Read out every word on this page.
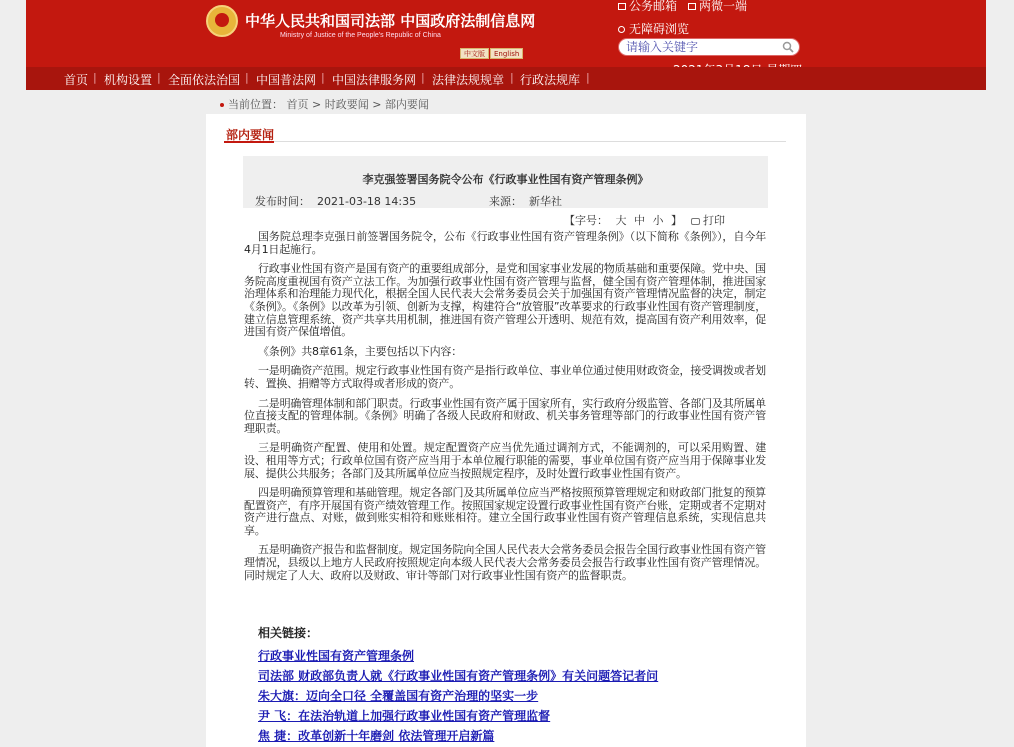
中华人民共和国司法部 中国政府法制信息网
Ministry of Justice of the People's Republic of China
中文版	English
公务邮箱	两微一端
无障碍浏览
请输入关键字
首页 | 机构设置 | 全面依法治国 | 中国普法网 | 中国法律服务网 | 法律法规规章 | 行政法规库 |
当前位置： 首页 > 时政要闻 > 部内要闻
部内要闻
李克强签署国务院令公布《行政事业性国有资产管理条例》
发布时间： 2021-03-18 14:35	来源： 新华社
【字号： 大 中 小 】	打印

国务院总理李克强日前签署国务院令，公布《行政事业性国有资产管理条例》（以下简称《条例》），自今年4月1日起施行。

行政事业性国有资产是国有资产的重要组成部分，是党和国家事业发展的物质基础和重要保障。党中央、国务院高度重视国有资产立法工作。为加强行政事业性国有资产管理与监督，健全国有资产管理体制，推进国家治理体系和治理能力现代化，根据全国人民代表大会常务委员会关于加强国有资产管理情况监督的决定，制定《条例》。《条例》以改革为引领、创新为支撑，构建符合“放管服”改革要求的行政事业性国有资产管理制度，建立信息管理系统、资产共享共用机制，推进国有资产管理公开透明、规范有效，提高国有资产利用效率，促进国有资产保值增值。

《条例》共8章61条，主要包括以下内容：

一是明确资产范围。规定行政事业性国有资产是指行政单位、事业单位通过使用财政资金，接受调拨或者划转、置换、捐赠等方式取得或者形成的资产。

二是明确管理体制和部门职责。行政事业性国有资产属于国家所有，实行政府分级监管、各部门及其所属单位直接支配的管理体制。《条例》明确了各级人民政府和财政、机关事务管理等部门的行政事业性国有资产管理职责。

三是明确资产配置、使用和处置。规定配置资产应当优先通过调剂方式，不能调剂的，可以采用购置、建设、租用等方式；行政单位国有资产应当用于本单位履行职能的需要，事业单位国有资产应当用于保障事业发展、提供公共服务；各部门及其所属单位应当按照规定程序，及时处置行政事业性国有资产。

四是明确预算管理和基础管理。规定各部门及其所属单位应当严格按照预算管理规定和财政部门批复的预算配置资产，有序开展国有资产绩效管理工作。按照国家规定设置行政事业性国有资产台账，定期或者不定期对资产进行盘点、对账，做到账实相符和账账相符。建立全国行政事业性国有资产管理信息系统，实现信息共享。

五是明确资产报告和监督制度。规定国务院向全国人民代表大会常务委员会报告全国行政事业性国有资产管理情况，县级以上地方人民政府按照规定向本级人民代表大会常务委员会报告行政事业性国有资产管理情况。同时规定了人大、政府以及财政、审计等部门对行政事业性国有资产的监督职责。

相关链接：
行政事业性国有资产管理条例
司法部 财政部负责人就《行政事业性国有资产管理条例》有关问题答记者问
朱大旗：迈向全口径 全覆盖国有资产治理的坚实一步
尹 飞：在法治轨道上加强行政事业性国有资产管理监督
焦 捷：改革创新十年磨剑 依法管理开启新篇
